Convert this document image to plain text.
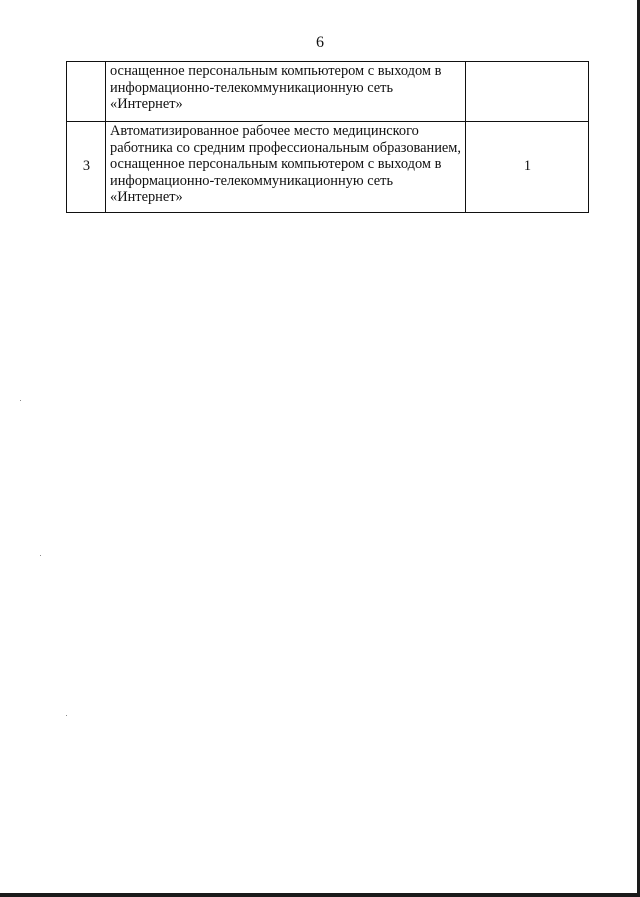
6
	оснащенное персональным компьютером с выходом в информационно-телекоммуникационную сеть «Интернет»	
3	Автоматизированное рабочее место медицинского работника со средним профессиональным образованием, оснащенное персональным компьютером с выходом в информационно-телекоммуникационную сеть «Интернет»	1
